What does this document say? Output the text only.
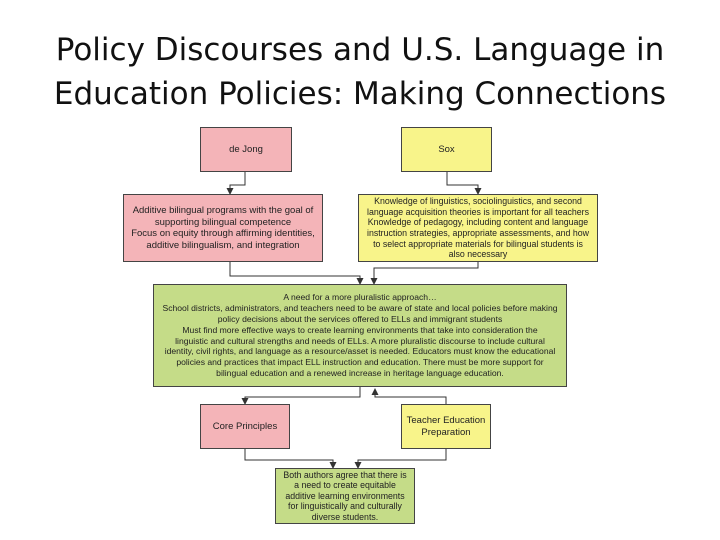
Policy Discourses and U.S. Language in
Education Policies: Making Connections
de Jong	Sox
Additive bilingual programs with the goal of
supporting bilingual competence
Focus on equity through affirming identities,
additive bilingualism, and integration
Knowledge of linguistics, sociolinguistics, and second
language acquisition theories is important for all teachers
Knowledge of pedagogy, including content and language
instruction strategies, appropriate assessments, and how
to select appropriate materials for bilingual students is
also necessary
A need for a more pluralistic approach…
School districts, administrators, and teachers need to be aware of state and local policies before making
policy decisions about the services offered to ELLs and immigrant students
Must find more effective ways to create learning environments that take into consideration the
linguistic and cultural strengths and needs of ELLs. A more pluralistic discourse to include cultural
identity, civil rights, and language as a resource/asset is needed. Educators must know the educational
policies and practices that impact ELL instruction and education. There must be more support for
bilingual education and a renewed increase in heritage language education.
Core Principles
Teacher Education
Preparation
Both authors agree that there is
a need to create equitable
additive learning environments
for linguistically and culturally
diverse students.
